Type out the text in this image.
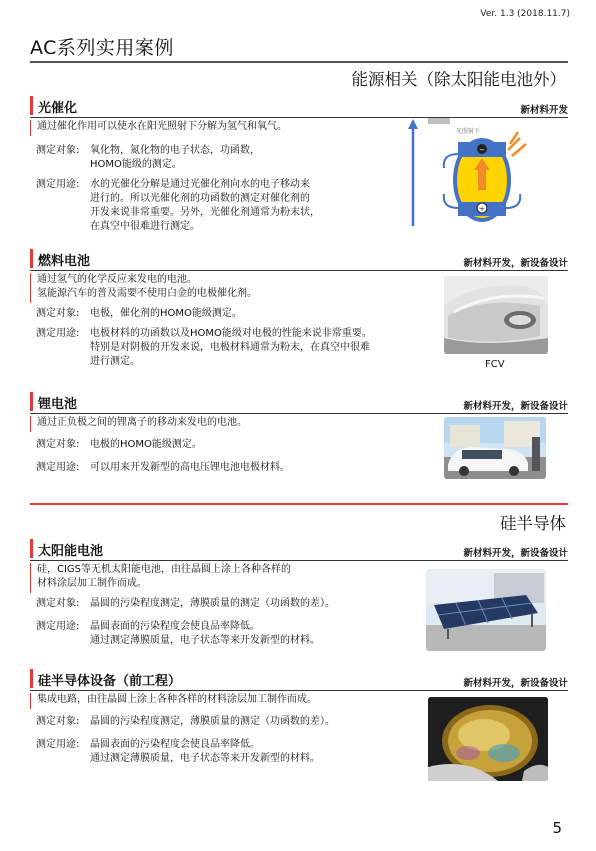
Ver. 1.3 (2018.11.7)
AC系列实用案例
能源相关（除太阳能电池外）
光催化	新材料开发
通过催化作用可以使水在阳光照射下分解为氢气和氧气。
测定对象:	氧化物，氮化物的电子状态，功函数，
HOMO能级的测定。
测定用途:	水的光催化分解是通过光催化剂向水的电子移动来
进行的。所以光催化剂的功函数的测定对催化剂的
开发来说非常重要。另外，光催化剂通常为粉末状，
在真空中很难进行测定。
−
+
光照射下
燃料电池	新材料开发，新设备设计
通过氢气的化学反应来发电的电池。
氢能源汽车的普及需要不使用白金的电极催化剂。
测定对象:	电极，催化剂的HOMO能级测定。
测定用途:	电极材料的功函数以及HOMO能级对电极的性能来说非常重要。
特别是对阴极的开发来说，电极材料通常为粉末，在真空中很难
进行测定。	FCV
锂电池	新材料开发，新设备设计
通过正负极之间的锂离子的移动来发电的电池。
测定对象:	电极的HOMO能级测定。
测定用途:	可以用来开发新型的高电压锂电池电极材料。
硅半导体
太阳能电池	新材料开发，新设备设计
硅，CIGS等无机太阳能电池，由往晶圆上涂上各种各样的
材料涂层加工制作而成。
测定对象:	晶圆的污染程度测定，薄膜质量的测定（功函数的差）。
测定用途:	晶圆表面的污染程度会使良品率降低。
通过测定薄膜质量，电子状态等来开发新型的材料。
硅半导体设备（前工程）	新材料开发，新设备设计
集成电路，由往晶圆上涂上各种各样的材料涂层加工制作而成。
测定对象:	晶圆的污染程度测定，薄膜质量的测定（功函数的差）。
测定用途:	晶圆表面的污染程度会使良品率降低。
通过测定薄膜质量，电子状态等来开发新型的材料。
5
